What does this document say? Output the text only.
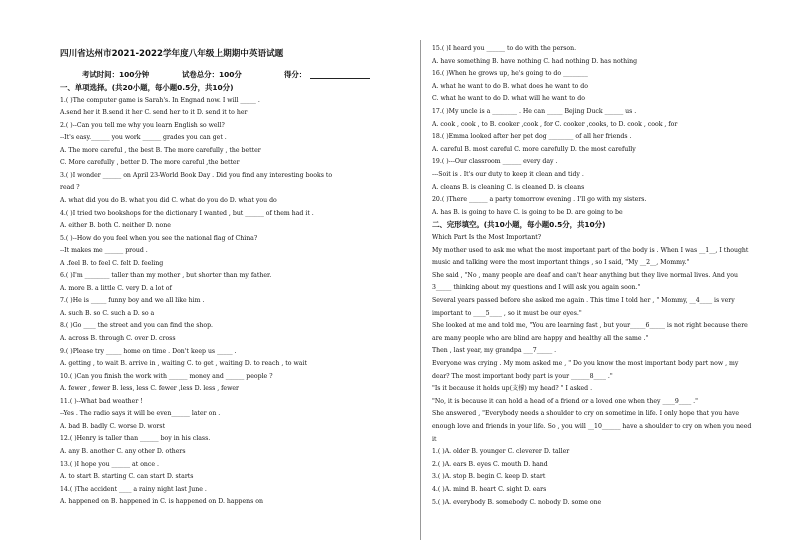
四川省达州市2021-2022学年度八年级上期期中英语试题
考试时间：100分钟	试卷总分：100分	得分：
一、单项选择。(共20小题，每小题0.5分，共10分)
1.( )The computer game is Sarah's. In Engnad now. I will _____ .
A.send her it B.send it her C. send her to it D. send it to her
2.( )--Can you tell me why you learn English so well?
--It's easy.______ you work ______ grades you can get .
A. The more careful , the best B. The more carefully , the better
C. More carefully , better D. The more careful ,the better
3.( )I wonder ______ on April 23-World Book Day . Did you find any interesting books to
read ?
A. what did you do B. what you did C. what do you do D. what you do
4.( )I tried two bookshops for the dictionary I wanted , but ______ of them had it .
A. either B. both C. neither D. none
5.( )--How do you feel when you see the national flag of China?
--It makes me ______ proud .
A .feel B. to feel C. felt D. feeling
6.( )I'm ________ taller than my mother , but shorter than my father.
A. more B. a little C. very D. a lot of
7.( )He is _____ funny boy and we all like him .
A. such B. so C. such a D. so a
8.( )Go ____ the street and you can find the shop.
A. across B. through C. over D. cross
9.( )Please try _____ home on time . Don't keep us _____ .
A. getting , to wait B. arrive in , waiting C. to get , waiting D. to reach , to wait
10.( )Can you finish the work with ______ money and ______ people ?
A. fewer , fewer B. less, less C. fewer ,less D. less , fewer
11.( )--What bad weather !
--Yes . The radio says it will be even______ later on .
A. bad B. badly C. worse D. worst
12.( )Henry is taller than ______ boy in his class.
A. any B. another C. any other D. others
13.( )I hope you ______ at once .
A. to start B. starting C. can start D. starts
14.( )The accident ____ a rainy night last June .
A. happened on B. happened in C. is happened on D. happens on
15.( )I heard you ______ to do with the person.
A. have something B. have nothing C. had nothing D. has nothing
16.( )When he grows up, he's going to do ________
A. what he want to do B. what does he want to do
C. what he want to do D. what will he want to do
17.( )My uncle is a ________ . He can _____ Bejing Duck ______ us .
A. cook , cook , to B. cooker ,cook , for C. cooker ,cooks, to D. cook , cook , for
18.( )Emma looked after her pet dog ________ of all her friends .
A. careful B. most careful C. more carefully D. the most carefully
19.( )---Our classroom ______ every day .
---Soit is . It's our duty to keep it clean and tidy .
A. cleans B. is cleaning C. is cleaned D. is cleans
20.( )There ______ a party tomorrow evening . I'll go with my sisters.
A. has B. is going to have C. is going to be D. are going to be
二、完形填空。(共10小题，每小题0.5分，共10分)
Which Part Is the Most Important?
My mother used to ask me what the most important part of the body is . When I was __1__, I thought
music and talking were the most important things , so I said, "My __2__, Mommy."
She said , "No , many people are deaf and can't hear anything but they live normal lives. And you
3_____ thinking about my questions and I will ask you again soon."
Several years passed before she asked me again . This time I told her , " Mommy, __4____ is very
important to ____5____ , so it must be our eyes."
She looked at me and told me, "You are learning fast , but your_____6_____ is not right because there
are many people who are blind are happy and healthy all the same ."
Then , last year, my grandpa ___7_____ .
Everyone was crying . My mom asked me , " Do you know the most important body part now , my
dear? The most important body part is your ______8____ ."
"Is it because it holds up(支撑) my head? " I asked .
"No, it is because it can hold a head of a friend or a loved one when they ____9____ ."
She answered , "Everybody needs a shoulder to cry on sometime in life. I only hope that you have
enough love and friends in your life. So , you will __10______ have a shoulder to cry on when you need
it
1.( )A. older B. younger C. cleverer D. taller
2.( )A. ears B. eyes C. mouth D. hand
3.( )A. stop B. begin C. keep D. start
4.( )A. mind B. heart C. sight D. ears
5.( )A. everybody B. somebody C. nobody D. some one
